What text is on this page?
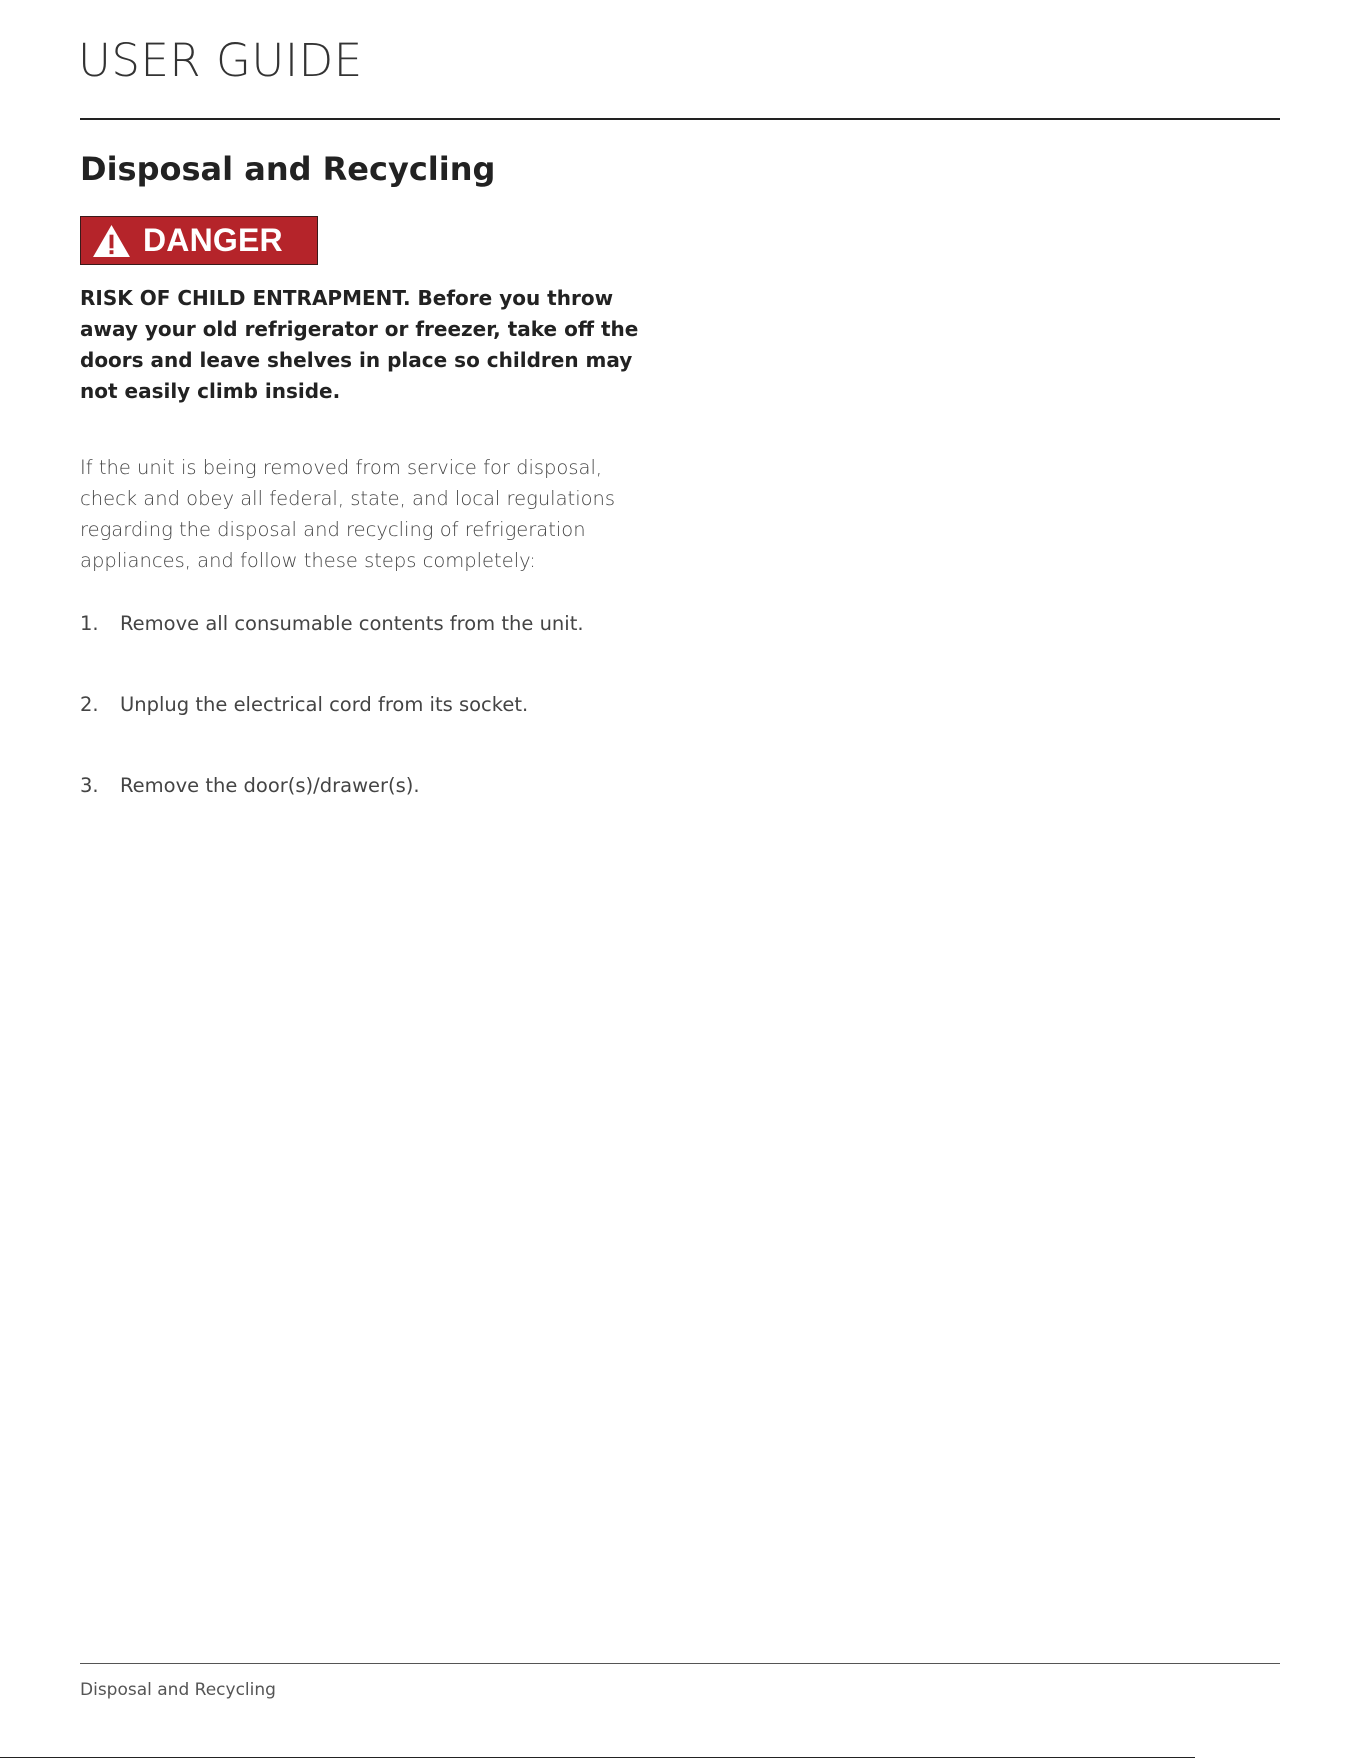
USER GUIDE
Disposal and Recycling
DANGER

RISK OF CHILD ENTRAPMENT. Before you throw away your old refrigerator or freezer, take off the doors and leave shelves in place so children may not easily climb inside.

If the unit is being removed from service for disposal, check and obey all federal, state, and local regulations regarding the disposal and recycling of refrigeration appliances, and follow these steps completely:

1.	Remove all consumable contents from the unit.
2.	Unplug the electrical cord from its socket.
3.	Remove the door(s)/drawer(s).
Disposal and Recycling
